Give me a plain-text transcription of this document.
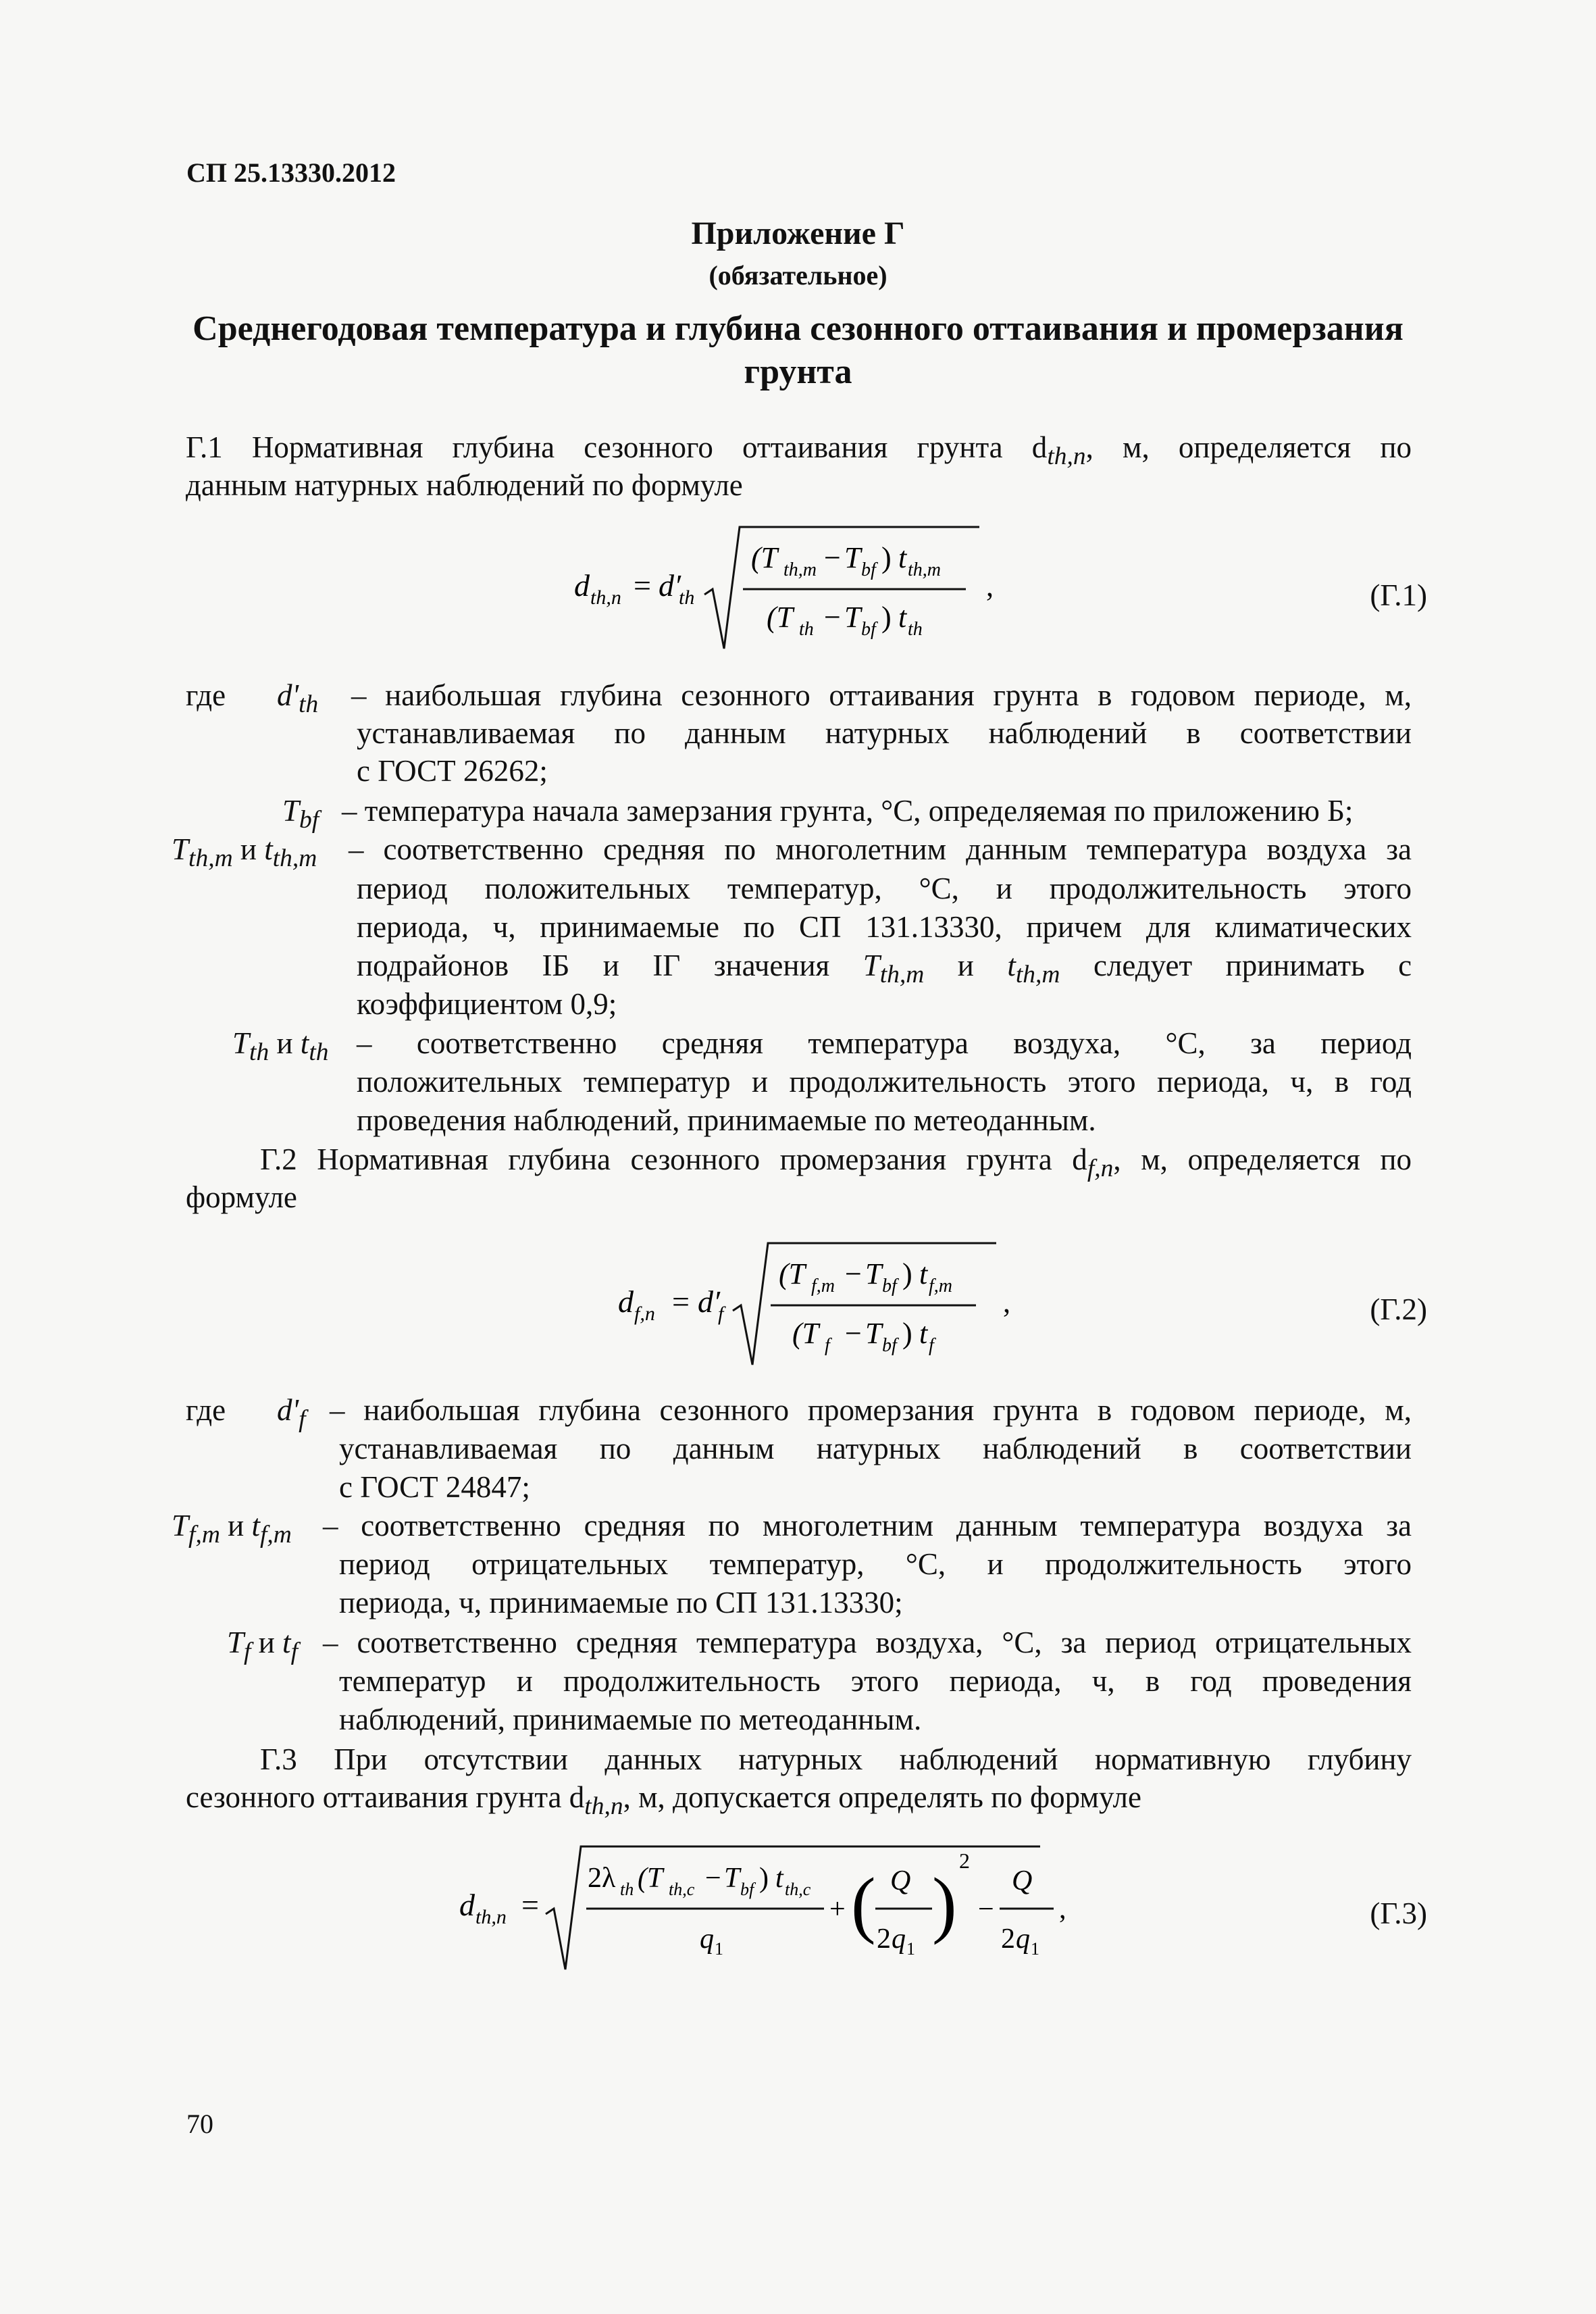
СП 25.13330.2012
Приложение Г
(обязательное)
Среднегодовая температура и глубина сезонного оттаивания и промерзания
грунта
Г.1 Нормативная глубина сезонного оттаивания грунта $d_{th,n}$, м, определяется по
данным натурных наблюдений по формуле
d th,n = d′
th
(T th,m − T bf ) t th,m
(T th − T bf ) t th
,	(Г.1)
где $d'_{th}$ – наибольшая глубина сезонного оттаивания грунта в годовом периоде, м,
устанавливаемая по данным натурных наблюдений в соответствии
с ГОСТ 26262;
$T_{bf}$ – температура начала замерзания грунта, °С, определяемая по приложению Б;
$T_{th,m}$ и $t_{th,m}$ – соответственно средняя по многолетним данным температура воздуха за
период положительных температур, °С, и продолжительность этого
периода, ч, принимаемые по СП 131.13330, причем для климатических
подрайонов IБ и IГ значения $T_{th,m}$ и $t_{th,m}$ следует принимать с
коэффициентом 0,9;
$T_{th}$ и $t_{th}$ – соответственно средняя температура воздуха, °С, за период
положительных температур и продолжительность этого периода, ч, в год
проведения наблюдений, принимаемые по метеоданным.
Г.2 Нормативная глубина сезонного промерзания грунта $d_{f,n}$, м, определяется по
формуле
d f,n = d′
f
(T f,m − T bf ) t f,m
(T f − T bf ) t f
,	(Г.2)
где $d'_f$ – наибольшая глубина сезонного промерзания грунта в годовом периоде, м,
устанавливаемая по данным натурных наблюдений в соответствии
с ГОСТ 24847;
$T_{f,m}$ и $t_{f,m}$ – соответственно средняя по многолетним данным температура воздуха за
период отрицательных температур, °С, и продолжительность этого
периода, ч, принимаемые по СП 131.13330;
$T_f$ и $t_f$ – соответственно средняя температура воздуха, °С, за период отрицательных
температур и продолжительность этого периода, ч, в год проведения
наблюдений, принимаемые по метеоданным.
Г.3 При отсутствии данных натурных наблюдений нормативную глубину
сезонного оттаивания грунта $d_{th,n}$, м, допускается определять по формуле
d th,n =
2λ th (T th,c − T bf ) t th,c
q 1
+ ( Q
2 q 1
)
2
−
Q
2 q 1
,	(Г.3)
70
